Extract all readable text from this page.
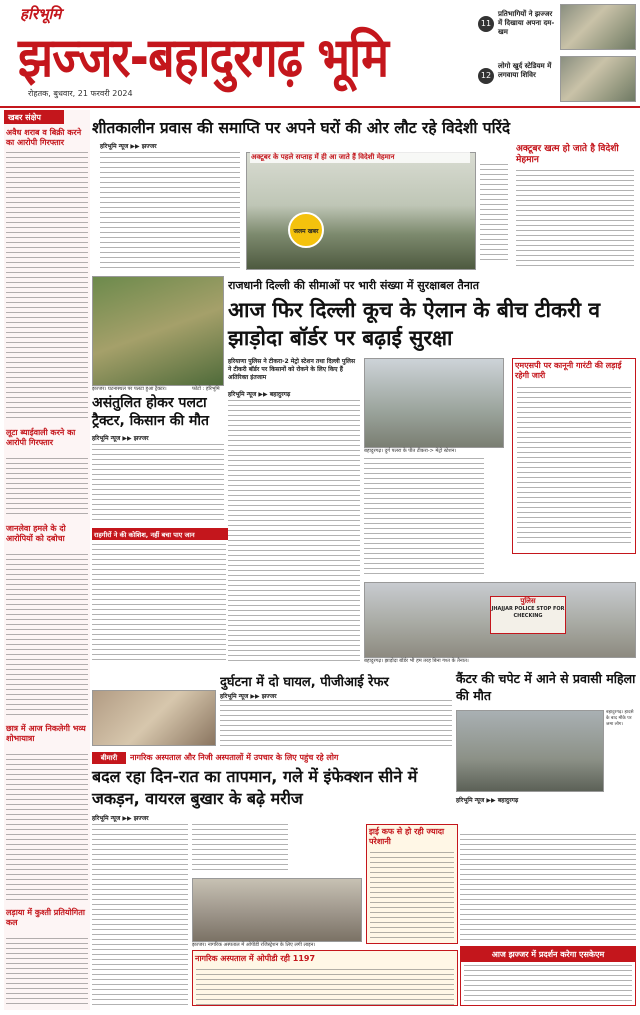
हरिभूमि
झज्जर-बहादुरगढ़ भूमि
रोहतक, बुधवार, 21 फरवरी 2024
11
प्रतिभागियों ने झज्जर में दिखाया अपना दम-खम
12
लोगो खुर्द स्टेडियम में लगवाया शिविर
खबर संक्षेप
अवैध शराब व बिक्री करने का आरोपी गिरफ्तार
लूटा ब्याईवाली करने का आरोपी गिरफ्तार
जानलेवा हमले के दो आरोपियों को दबोचा
छात्र में आज निकलेगी भव्य शोभायात्रा
लड़ाया में कुश्ती प्रतियोगिता कल
शीतकालीन प्रवास की समाप्ति पर अपने घरों की ओर लौट रहे विदेशी परिंदे
हरिभूमि न्यूज ▶▶ झज्जर
अक्टूबर के पहले सप्ताह में ही आ जाते हैं विदेशी मेहमान
जलम खबर
अक्टूबर खत्म हो जाते है विदेशी मेहमान
राजधानी दिल्ली की सीमाओं पर भारी संख्या में सुरक्षाबल तैनात
आज फिर दिल्ली कूच के ऐलान के बीच टीकरी व झाड़ोदा बॉर्डर पर बढ़ाई सुरक्षा
हरियाणा पुलिस ने टीकरा-2 मेट्रो स्टेशन तथा दिल्ली पुलिस ने टीकरी बॉर्डर पर किसानों को रोकने के लिए किए हैं अतिरिक्त इंतजाम
हरिभूमि न्यूज ▶▶ बहादुरगढ़
बहादुरगढ़। दुर्ग पलरा के पीत टीकरा-> मेट्रो स्टेशन।
एमएसपी पर कानूनी गारंटी की लड़ाई रहेगी जारी
पुलिस
JHAJJAR POLICE STOP FOR CHECKING
बहादुरगढ़। झाड़ोदा बॉर्डर भी हम तरह बिना गश्त के तैनात।
झज्जर। घटनास्थल पर पलटा हुआ ट्रैक्टर।	फोटो : हरिभूमि
असंतुलित होकर पलटा ट्रैक्टर, किसान की मौत
हरिभूमि न्यूज ▶▶ झज्जर
राहगीरों ने की कोशिश, नहीं बचा पाए जान
दुर्घटना में दो घायल, पीजीआई रेफर
हरिभूमि न्यूज ▶▶ झज्जर
कैंटर की चपेट में आने से प्रवासी महिला की मौत
बहादुरगढ़। हादसे के बाद मौके पर जमा लोग।
हरिभूमि न्यूज ▶▶ बहादुरगढ़
बीमारी	नागरिक अस्पताल और निजी अस्पतालों में उपचार के लिए पहुंच रहे लोग
बदल रहा दिन-रात का तापमान, गले में इंफेक्शन सीने में जकड़न, वायरल बुखार के बढ़े मरीज
हरिभूमि न्यूज ▶▶ झज्जर
झज्जर। नागरिक अस्पताल में ओपीडी रजिस्ट्रेशन के लिए लगी लाइन।
इाई कफ से हो रही ज्यादा परेशानी
नागरिक अस्पताल में ओपीडी रही 1197	आज झज्जर में प्रदर्शन करेगा एसकेएम
